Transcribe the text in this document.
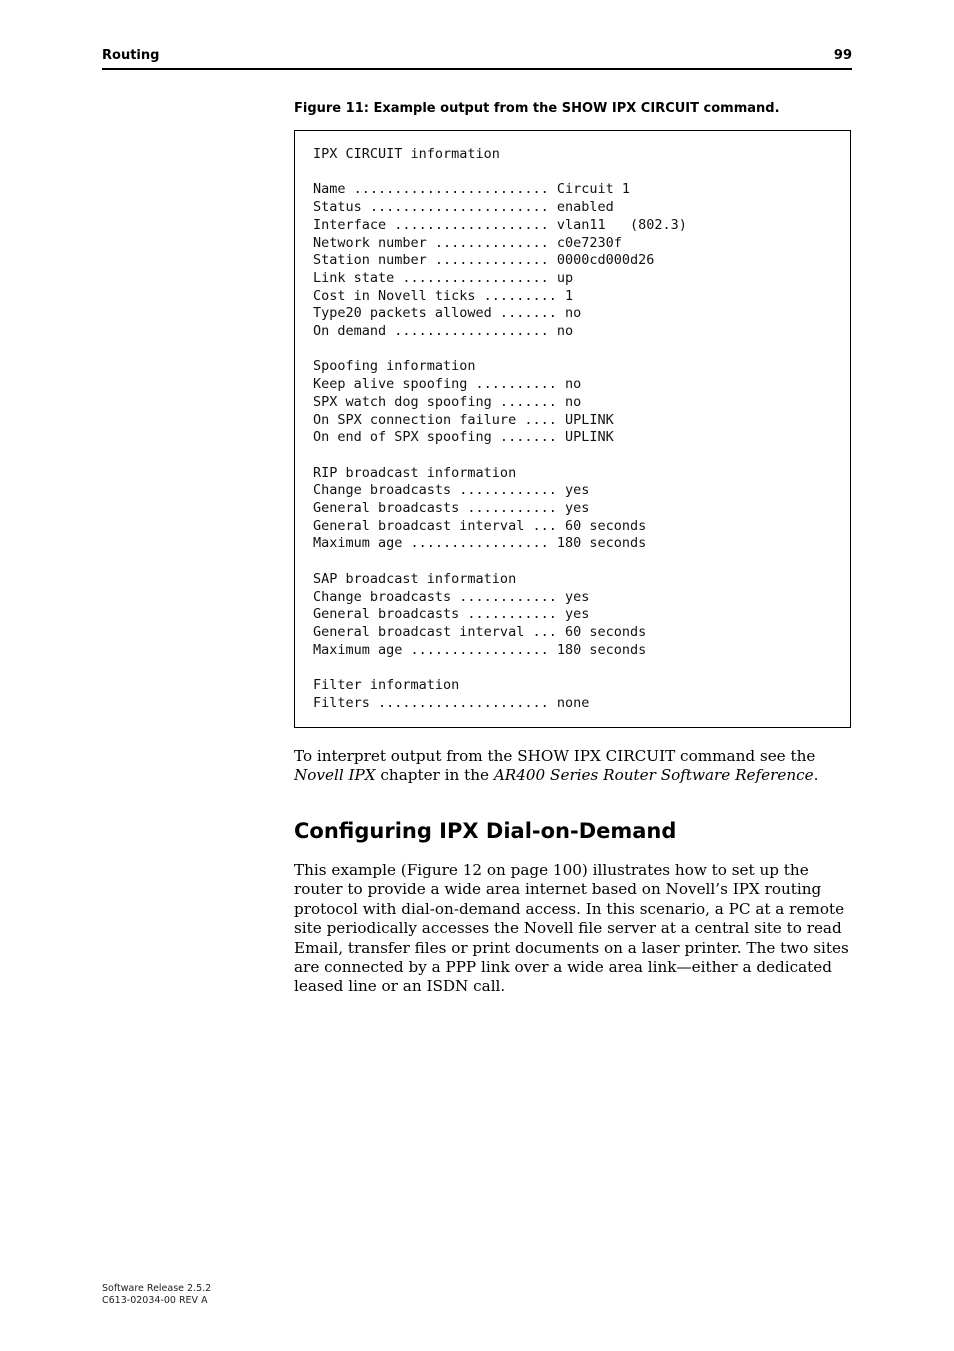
Routing	99
Figure 11: Example output from the SHOW IPX CIRCUIT command.
IPX CIRCUIT information

Name ........................ Circuit 1
Status ...................... enabled
Interface ................... vlan11   (802.3)
Network number .............. c0e7230f
Station number .............. 0000cd000d26
Link state .................. up
Cost in Novell ticks ......... 1
Type20 packets allowed ....... no
On demand ................... no

Spoofing information
Keep alive spoofing .......... no
SPX watch dog spoofing ....... no
On SPX connection failure .... UPLINK
On end of SPX spoofing ....... UPLINK

RIP broadcast information
Change broadcasts ............ yes
General broadcasts ........... yes
General broadcast interval ... 60 seconds
Maximum age ................. 180 seconds

SAP broadcast information
Change broadcasts ............ yes
General broadcasts ........... yes
General broadcast interval ... 60 seconds
Maximum age ................. 180 seconds

Filter information
Filters ..................... none
To interpret output from the SHOW IPX CIRCUIT command see the Novell IPX chapter in the AR400 Series Router Software Reference.
Configuring IPX Dial-on-Demand
This example (Figure 12 on page 100) illustrates how to set up the router to provide a wide area internet based on Novell’s IPX routing protocol with dial-on-demand access. In this scenario, a PC at a remote site periodically accesses the Novell file server at a central site to read Email, transfer files or print documents on a laser printer. The two sites are connected by a PPP link over a wide area link—either a dedicated leased line or an ISDN call.
Software Release 2.5.2
C613-02034-00 REV A
